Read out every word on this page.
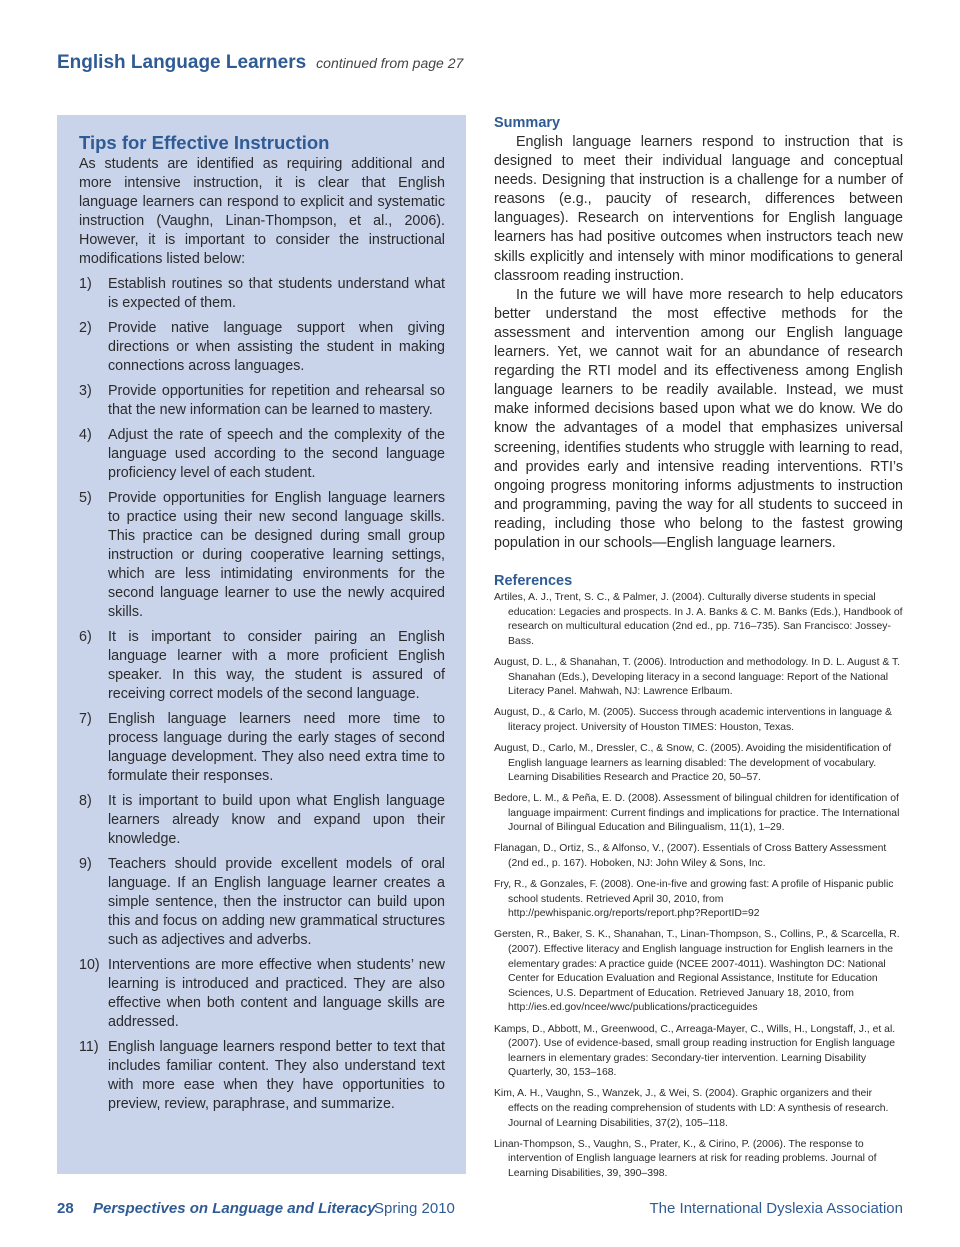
English Language Learners continued from page 27
Tips for Effective Instruction
As students are identified as requiring additional and more intensive instruction, it is clear that English language learners can respond to explicit and systematic instruction (Vaughn, Linan-Thompson, et al., 2006). However, it is important to consider the instructional modifications listed below:
1)	Establish routines so that students understand what is expected of them.
2)	Provide native language support when giving directions or when assisting the student in making connections across languages.
3)	Provide opportunities for repetition and rehearsal so that the new information can be learned to mastery.
4)	Adjust the rate of speech and the complexity of the language used according to the second language proficiency level of each student.
5)	Provide opportunities for English language learners to practice using their new second language skills. This practice can be designed during small group instruction or during cooperative learning settings, which are less intimidating environments for the second language learner to use the newly acquired skills.
6)	It is important to consider pairing an English language learner with a more proficient English speaker. In this way, the student is assured of receiving correct models of the second language.
7)	English language learners need more time to process language during the early stages of second language development. They also need extra time to formulate their responses.
8)	It is important to build upon what English language learners already know and expand upon their knowledge.
9)	Teachers should provide excellent models of oral language. If an English language learner creates a simple sentence, then the instructor can build upon this and focus on adding new grammatical structures such as adjectives and adverbs.
10) Interventions are more effective when students’ new learning is introduced and practiced. They are also effective when both content and language skills are addressed.
11) English language learners respond better to text that includes familiar content. They also understand text with more ease when they have opportunities to preview, review, paraphrase, and summarize.
Summary

English language learners respond to instruction that is designed to meet their individual language and conceptual needs. Designing that instruction is a challenge for a number of reasons (e.g., paucity of research, differences between languages). Research on interventions for English language learners has had positive outcomes when instructors teach new skills explicitly and intensely with minor modifications to general classroom reading instruction.

In the future we will have more research to help educators better understand the most effective methods for the assessment and intervention among our English language learners. Yet, we cannot wait for an abundance of research regarding the RTI model and its effectiveness among English language learners to be readily available. Instead, we must make informed decisions based upon what we do know. We do know the advantages of a model that emphasizes universal screening, identifies students who struggle with learning to read, and provides early and intensive reading interventions. RTI’s ongoing progress monitoring informs adjustments to instruction and programming, paving the way for all students to succeed in reading, including those who belong to the fastest growing population in our schools—English language learners.

References

Artiles, A. J., Trent, S. C., & Palmer, J. (2004). Culturally diverse students in special education: Legacies and prospects. In J. A. Banks & C. M. Banks (Eds.), Handbook of research on multicultural education (2nd ed., pp. 716–735). San Francisco: Jossey-Bass.

August, D. L., & Shanahan, T. (2006). Introduction and methodology. In D. L. August & T. Shanahan (Eds.), Developing literacy in a second language: Report of the National Literacy Panel. Mahwah, NJ: Lawrence Erlbaum.

August, D., & Carlo, M. (2005). Success through academic interventions in language & literacy project. University of Houston TIMES: Houston, Texas.

August, D., Carlo, M., Dressler, C., & Snow, C. (2005). Avoiding the misidentification of English language learners as learning disabled: The development of vocabulary. Learning Disabilities Research and Practice 20, 50–57.

Bedore, L. M., & Peña, E. D. (2008). Assessment of bilingual children for identification of language impairment: Current findings and implications for practice. The International Journal of Bilingual Education and Bilingualism, 11(1), 1–29.

Flanagan, D., Ortiz, S., & Alfonso, V., (2007). Essentials of Cross Battery Assessment (2nd ed., p. 167). Hoboken, NJ: John Wiley & Sons, Inc.

Fry, R., & Gonzales, F. (2008). One-in-five and growing fast: A profile of Hispanic public school students. Retrieved April 30, 2010, from http://pewhispanic.org/reports/report.php?ReportID=92

Gersten, R., Baker, S. K., Shanahan, T., Linan-Thompson, S., Collins, P., & Scarcella, R. (2007). Effective literacy and English language instruction for English learners in the elementary grades: A practice guide (NCEE 2007-4011). Washington DC: National Center for Education Evaluation and Regional Assistance, Institute for Education Sciences, U.S. Department of Education. Retrieved January 18, 2010, from http://ies.ed.gov/ncee/wwc/publications/practiceguides

Kamps, D., Abbott, M., Greenwood, C., Arreaga-Mayer, C., Wills, H., Longstaff, J., et al. (2007). Use of evidence-based, small group reading instruction for English language learners in elementary grades: Secondary-tier intervention. Learning Disability Quarterly, 30, 153–168.

Kim, A. H., Vaughn, S., Wanzek, J., & Wei, S. (2004). Graphic organizers and their effects on the reading comprehension of students with LD: A synthesis of research. Journal of Learning Disabilities, 37(2), 105–118.

Linan-Thompson, S., Vaughn, S., Prater, K., & Cirino, P. (2006). The response to intervention of English language learners at risk for reading problems. Journal of Learning Disabilities, 39, 390–398.

28 Perspectives on Language and Literacy
Spring 2010	The International Dyslexia Association
